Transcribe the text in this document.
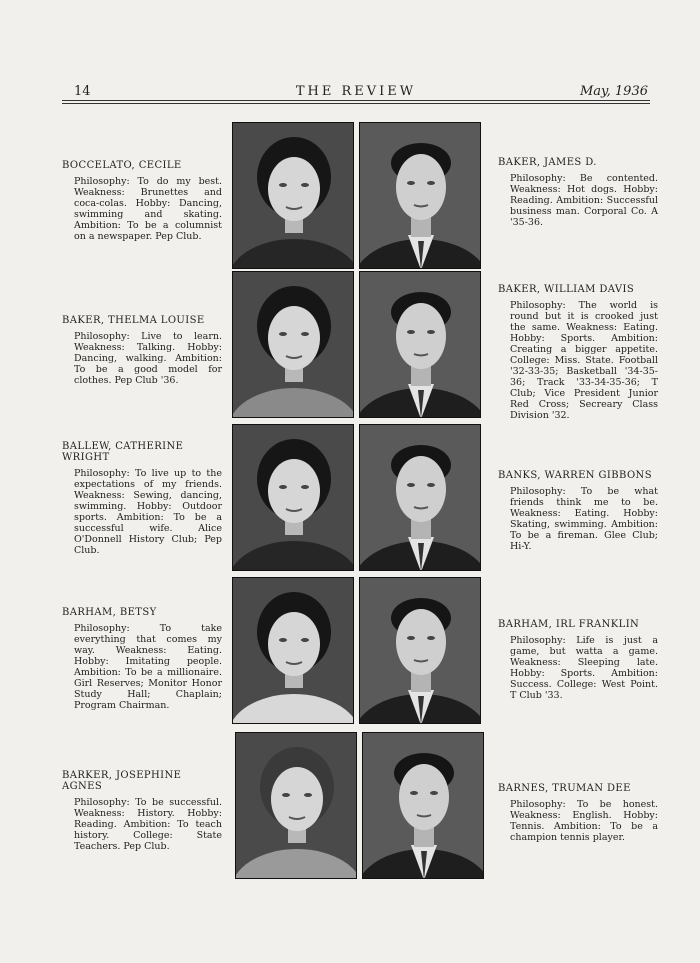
14	THE REVIEW	May, 1936
BOCCELATO, CECILE
Philosophy: To do my best. Weakness: Brunettes and coca-colas. Hobby: Dancing, swimming and skating. Ambition: To be a columnist on a newspaper. Pep Club.
BAKER, THELMA LOUISE
Philosophy: Live to learn. Weakness: Talking. Hobby: Dancing, walking. Ambition: To be a good model for clothes. Pep Club '36.
BALLEW, CATHERINE WRIGHT
Philosophy: To live up to the expectations of my friends. Weakness: Sewing, dancing, swimming. Hobby: Outdoor sports. Ambition: To be a successful wife. Alice O'Donnell History Club; Pep Club.
BARHAM, BETSY
Philosophy: To take everything that comes my way. Weakness: Eating. Hobby: Imitating people. Ambition: To be a millionaire. Girl Reserves; Monitor Honor Study Hall; Chaplain; Program Chairman.
BARKER, JOSEPHINE AGNES
Philosophy: To be successful. Weakness: History. Hobby: Reading. Ambition: To teach history. College: State Teachers. Pep Club.
BAKER, JAMES D.
Philosophy: Be contented. Weakness: Hot dogs. Hobby: Reading. Ambition: Successful business man. Corporal Co. A '35-36.
BAKER, WILLIAM DAVIS
Philosophy: The world is round but it is crooked just the same. Weakness: Eating. Hobby: Sports. Ambition: Creating a bigger appetite. College: Miss. State. Football '32-33-35; Basketball '34-35-36; Track '33-34-35-36; T Club; Vice President Junior Red Cross; Secreary Class Division '32.
BANKS, WARREN GIBBONS
Philosophy: To be what friends think me to be. Weakness: Eating. Hobby: Skating, swimming. Ambition: To be a fireman. Glee Club; Hi-Y.
BARHAM, IRL FRANKLIN
Philosophy: Life is just a game, but watta a game. Weakness: Sleeping late. Hobby: Sports. Ambition: Success. College: West Point. T Club '33.
BARNES, TRUMAN DEE
Philosophy: To be honest. Weakness: English. Hobby: Tennis. Ambition: To be a champion tennis player.
